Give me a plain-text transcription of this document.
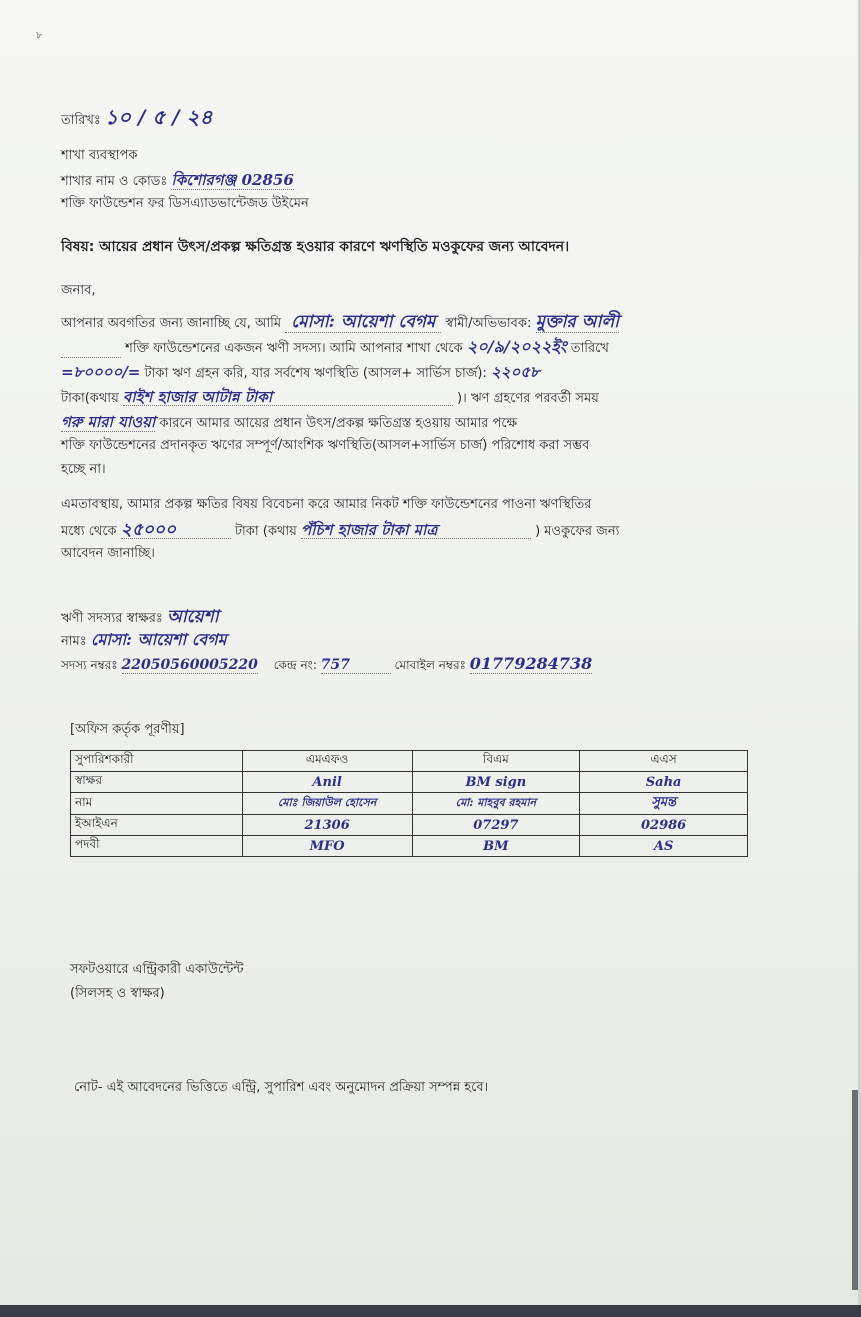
৮
তারিখঃ ১০ / ৫ / ২৪
শাখা ব্যবস্থাপক
শাখার নাম ও কোডঃ কিশোরগঞ্জ 02856
শক্তি ফাউন্ডেশন ফর ডিসএ্যাডভান্টেজড উইমেন
বিষয়: আয়ের প্রধান উৎস/প্রকল্প ক্ষতিগ্রস্ত হওয়ার কারণে ঋণস্থিতি মওকুফের জন্য আবেদন।
জনাব,
আপনার অবগতির জন্য জানাচ্ছি যে, আমি মোসা: আয়েশা বেগম স্বামী/অভিভাবক: মুক্তার আলী
শক্তি ফাউন্ডেশনের একজন ঋণী সদস্য। আমি আপনার শাখা থেকে ২০/৯/২০২২ইং তারিখে
=৮০০০০/= টাকা ঋণ গ্রহন করি, যার সর্বশেষ ঋণস্থিতি (আসল+ সার্ভিস চার্জ): ২২০৫৮
টাকা(কথায় বাইশ হাজার আটান্ন টাকা	)। ঋণ গ্রহণের পরবর্তী সময়
গরু মারা যাওয়া কারনে আমার আয়ের প্রধান উৎস/প্রকল্প ক্ষতিগ্রস্ত হওয়ায় আমার পক্ষে
শক্তি ফাউন্ডেশনের প্রদানকৃত ঋণের সম্পূর্ণ/আংশিক ঋণস্থিতি(আসল+সার্ভিস চার্জ) পরিশোধ করা সম্ভব
হচ্ছে না।
এমতাবস্থায়, আমার প্রকল্প ক্ষতির বিষয় বিবেচনা করে আমার নিকট শক্তি ফাউন্ডেশনের পাওনা ঋণস্থিতির
মধ্যে থেকে ২৫০০০	টাকা (কথায় পঁচিশ হাজার টাকা মাত্র	) মওকুফের জন্য
আবেদন জানাচ্ছি।
ঋণী সদস্যর স্বাক্ষরঃ আয়েশা
নামঃ মোসা: আয়েশা বেগম
সদস্য নম্বরঃ 22050560005220 কেন্দ্র নং: 757	মোবাইল নম্বরঃ 01779284738
[অফিস কর্তৃক পূরণীয়]
সুপারিশকারী	এমএফও	বিএম	এএস
স্বাক্ষর	Anil	BM sign	Saha
নাম	মোঃ জিয়াউল হোসেন	মো: মাহবুব রহমান	সুমন্ত
ইআইএন	21306	07297	02986
পদবী	MFO	BM	AS
সফটওয়ারে এন্ট্রিকারী একাউন্টেন্ট
(সিলসহ ও স্বাক্ষর)
নোট- এই আবেদনের ভিত্তিতে এন্ট্রি, সুপারিশ এবং অনুমোদন প্রক্রিয়া সম্পন্ন হবে।
